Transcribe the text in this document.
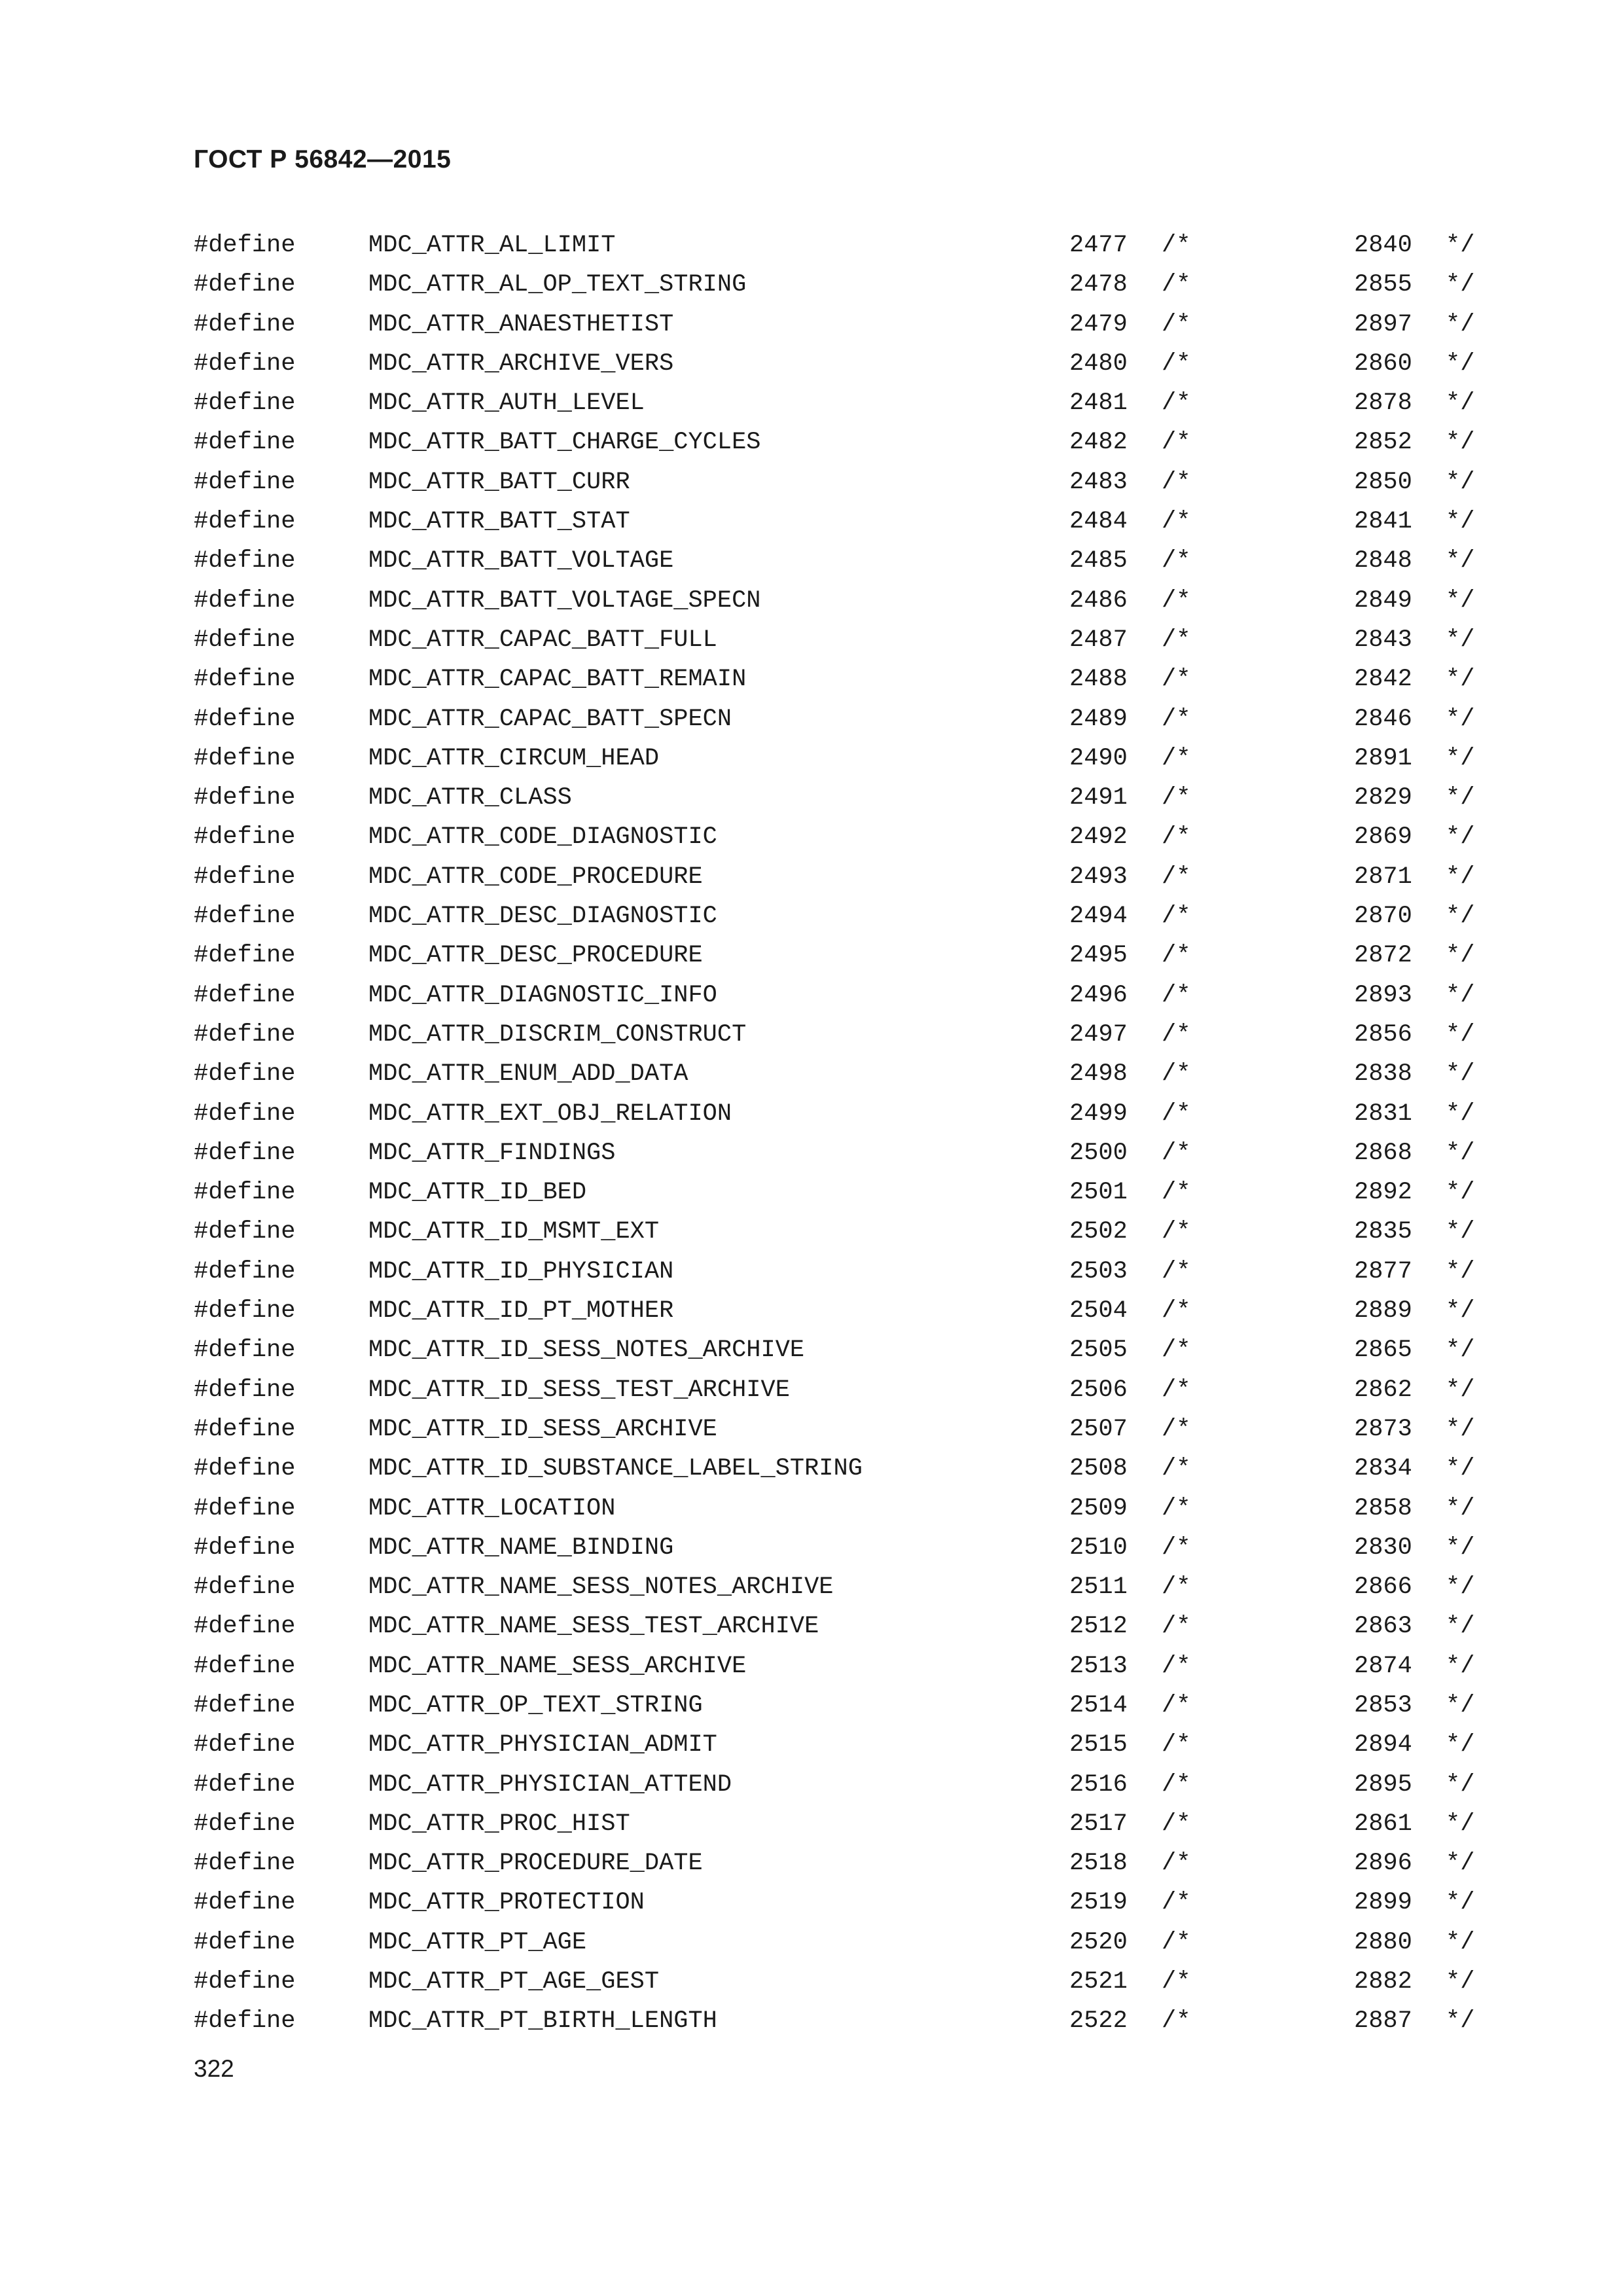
ГОСТ Р 56842—2015
#define	MDC_ATTR_AL_LIMIT	2477 /*	2840 */
#define	MDC_ATTR_AL_OP_TEXT_STRING	2478 /*	2855 */
#define	MDC_ATTR_ANAESTHETIST	2479 /*	2897 */
#define	MDC_ATTR_ARCHIVE_VERS	2480 /*	2860 */
#define	MDC_ATTR_AUTH_LEVEL	2481 /*	2878 */
#define	MDC_ATTR_BATT_CHARGE_CYCLES	2482 /*	2852 */
#define	MDC_ATTR_BATT_CURR	2483 /*	2850 */
#define	MDC_ATTR_BATT_STAT	2484 /*	2841 */
#define	MDC_ATTR_BATT_VOLTAGE	2485 /*	2848 */
#define	MDC_ATTR_BATT_VOLTAGE_SPECN	2486 /*	2849 */
#define	MDC_ATTR_CAPAC_BATT_FULL	2487 /*	2843 */
#define	MDC_ATTR_CAPAC_BATT_REMAIN	2488 /*	2842 */
#define	MDC_ATTR_CAPAC_BATT_SPECN	2489 /*	2846 */
#define	MDC_ATTR_CIRCUM_HEAD	2490 /*	2891 */
#define	MDC_ATTR_CLASS	2491 /*	2829 */
#define	MDC_ATTR_CODE_DIAGNOSTIC	2492 /*	2869 */
#define	MDC_ATTR_CODE_PROCEDURE	2493 /*	2871 */
#define	MDC_ATTR_DESC_DIAGNOSTIC	2494 /*	2870 */
#define	MDC_ATTR_DESC_PROCEDURE	2495 /*	2872 */
#define	MDC_ATTR_DIAGNOSTIC_INFO	2496 /*	2893 */
#define	MDC_ATTR_DISCRIM_CONSTRUCT	2497 /*	2856 */
#define	MDC_ATTR_ENUM_ADD_DATA	2498 /*	2838 */
#define	MDC_ATTR_EXT_OBJ_RELATION	2499 /*	2831 */
#define	MDC_ATTR_FINDINGS	2500 /*	2868 */
#define	MDC_ATTR_ID_BED	2501 /*	2892 */
#define	MDC_ATTR_ID_MSMT_EXT	2502 /*	2835 */
#define	MDC_ATTR_ID_PHYSICIAN	2503 /*	2877 */
#define	MDC_ATTR_ID_PT_MOTHER	2504 /*	2889 */
#define	MDC_ATTR_ID_SESS_NOTES_ARCHIVE	2505 /*	2865 */
#define	MDC_ATTR_ID_SESS_TEST_ARCHIVE	2506 /*	2862 */
#define	MDC_ATTR_ID_SESS_ARCHIVE	2507 /*	2873 */
#define	MDC_ATTR_ID_SUBSTANCE_LABEL_STRING	2508 /*	2834 */
#define	MDC_ATTR_LOCATION	2509 /*	2858 */
#define	MDC_ATTR_NAME_BINDING	2510 /*	2830 */
#define	MDC_ATTR_NAME_SESS_NOTES_ARCHIVE	2511 /*	2866 */
#define	MDC_ATTR_NAME_SESS_TEST_ARCHIVE	2512 /*	2863 */
#define	MDC_ATTR_NAME_SESS_ARCHIVE	2513 /*	2874 */
#define	MDC_ATTR_OP_TEXT_STRING	2514 /*	2853 */
#define	MDC_ATTR_PHYSICIAN_ADMIT	2515 /*	2894 */
#define	MDC_ATTR_PHYSICIAN_ATTEND	2516 /*	2895 */
#define	MDC_ATTR_PROC_HIST	2517 /*	2861 */
#define	MDC_ATTR_PROCEDURE_DATE	2518 /*	2896 */
#define	MDC_ATTR_PROTECTION	2519 /*	2899 */
#define	MDC_ATTR_PT_AGE	2520 /*	2880 */
#define	MDC_ATTR_PT_AGE_GEST	2521 /*	2882 */
#define	MDC_ATTR_PT_BIRTH_LENGTH	2522 /*	2887 */

322
